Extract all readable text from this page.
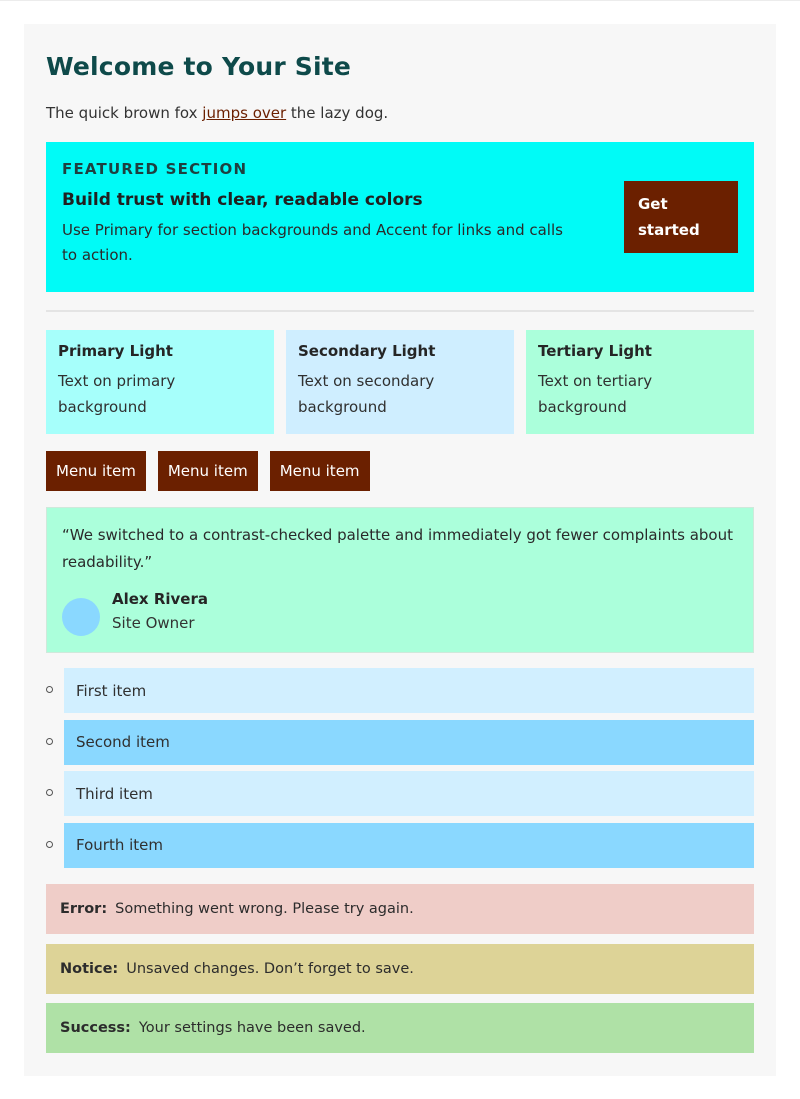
Welcome to Your Site

The quick brown fox jumps over the lazy dog.

FEATURED SECTION
Build trust with clear, readable colors
Use Primary for section backgrounds and Accent for links and calls to action.
Get
started
Primary Light
Text on primary background
Secondary Light
Text on secondary background
Tertiary Light
Text on tertiary background
Menu item	Menu item	Menu item
“We switched to a contrast-checked palette and immediately got fewer complaints about readability.”
Alex Rivera
Site Owner
First item
Second item
Third item
Fourth item
Error: Something went wrong. Please try again.
Notice: Unsaved changes. Don’t forget to save.
Success: Your settings have been saved.
